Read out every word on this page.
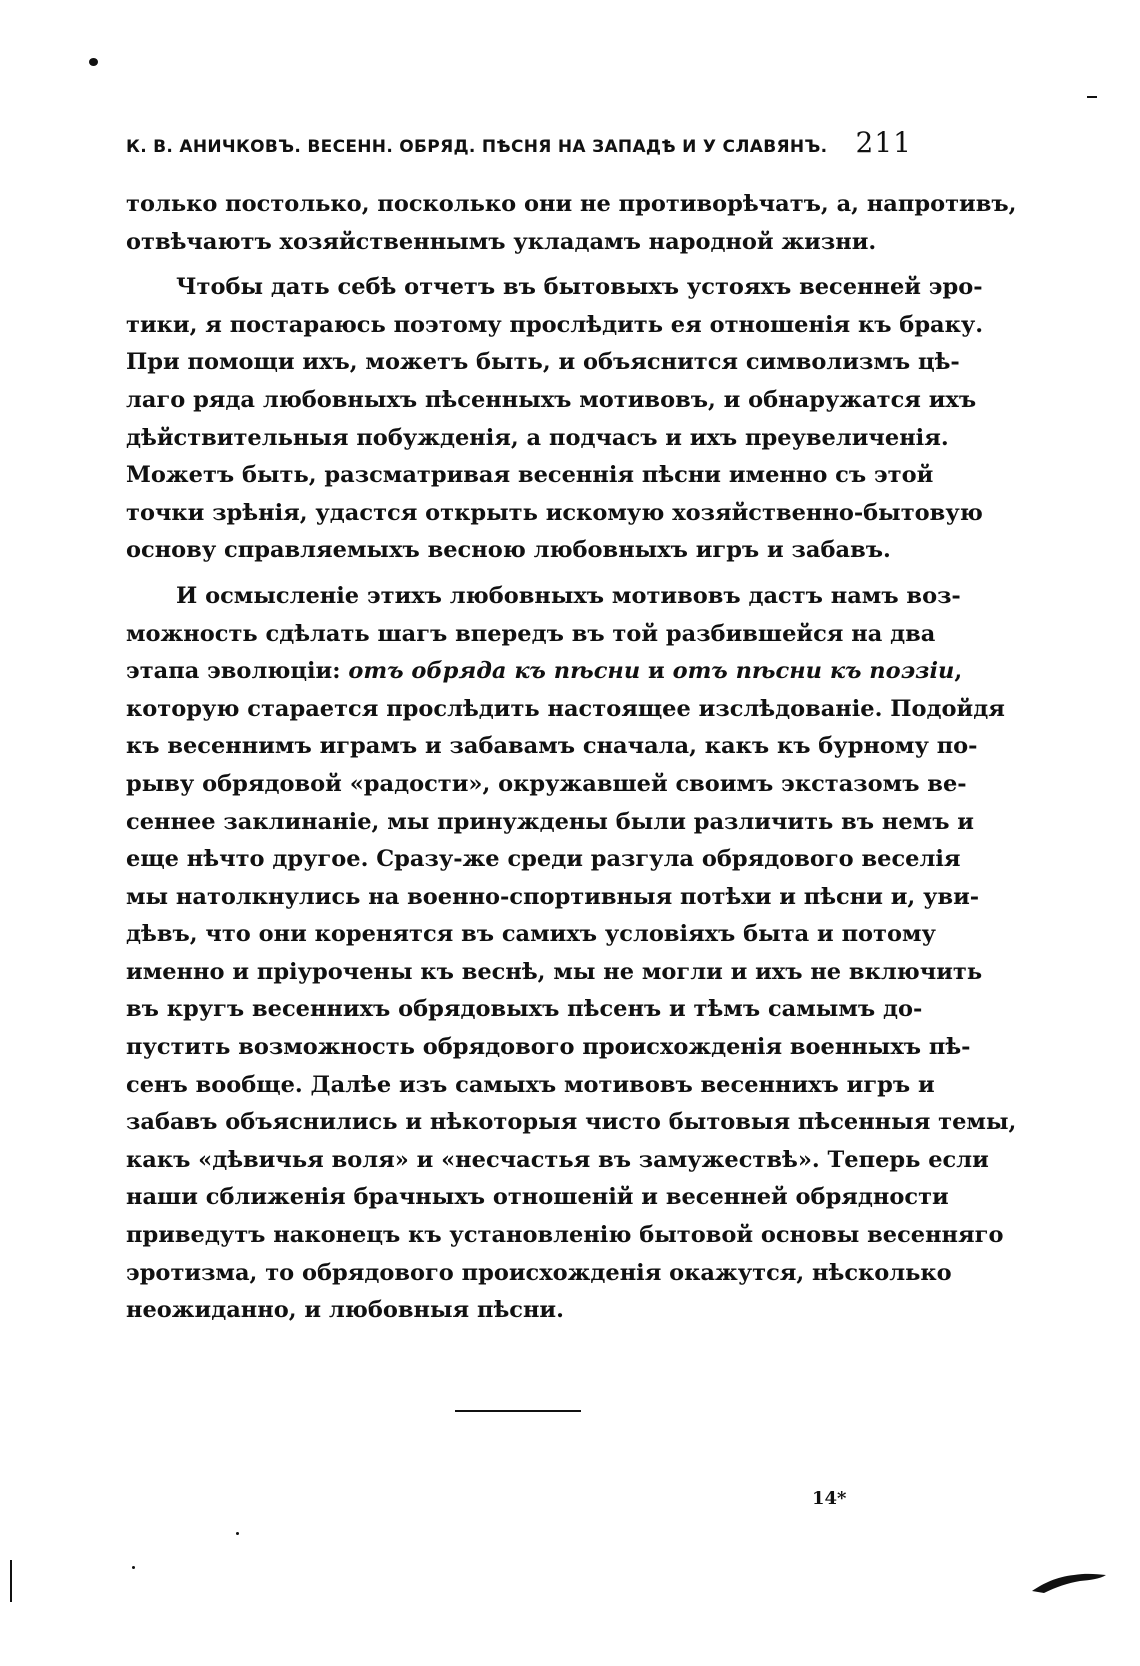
К. В. АНИЧКОВЪ. ВЕСЕНН. ОБРЯД. ПѢСНЯ НА ЗАПАДѢ И У СЛАВЯНЪ. 211
только постолько, посколько они не противорѣчатъ, а, напротивъ,
отвѣчаютъ хозяйственнымъ укладамъ народной жизни.
Чтобы дать себѣ отчетъ въ бытовыхъ устояхъ весенней эро-
тики, я постараюсь поэтому прослѣдить ея отношенія къ браку.
При помощи ихъ, можетъ быть, и объяснится символизмъ цѣ-
лаго ряда любовныхъ пѣсенныхъ мотивовъ, и обнаружатся ихъ
дѣйствительныя побужденія, а подчасъ и ихъ преувеличенія.
Можетъ быть, разсматривая весеннія пѣсни именно съ этой
точки зрѣнія, удастся открыть искомую хозяйственно-бытовую
основу справляемыхъ весною любовныхъ игръ и забавъ.
И осмысленіе этихъ любовныхъ мотивовъ дастъ намъ воз-
можность сдѣлать шагъ впередъ въ той разбившейся на два
этапа эволюціи: отъ обряда къ пѣсни и отъ пѣсни къ поэзіи,
которую старается прослѣдить настоящее изслѣдованіе. Подойдя
къ весеннимъ играмъ и забавамъ сначала, какъ къ бурному по-
рыву обрядовой «радости», окружавшей своимъ экстазомъ ве-
сеннее заклинаніе, мы принуждены были различить въ немъ и
еще нѣчто другое. Сразу-же среди разгула обрядового веселія
мы натолкнулись на военно-спортивныя потѣхи и пѣсни и, уви-
дѣвъ, что они коренятся въ самихъ условіяхъ быта и потому
именно и пріурочены къ веснѣ, мы не могли и ихъ не включить
въ кругъ весеннихъ обрядовыхъ пѣсенъ и тѣмъ самымъ до-
пустить возможность обрядового происхожденія военныхъ пѣ-
сенъ вообще. Далѣе изъ самыхъ мотивовъ весеннихъ игръ и
забавъ объяснились и нѣкоторыя чисто бытовыя пѣсенныя темы,
какъ «дѣвичья воля» и «несчастья въ замужествѣ». Теперь если
наши сближенія брачныхъ отношеній и весенней обрядности
приведутъ наконецъ къ установленію бытовой основы весенняго
эротизма, то обрядового происхожденія окажутся, нѣсколько
неожиданно, и любовныя пѣсни.
14*
